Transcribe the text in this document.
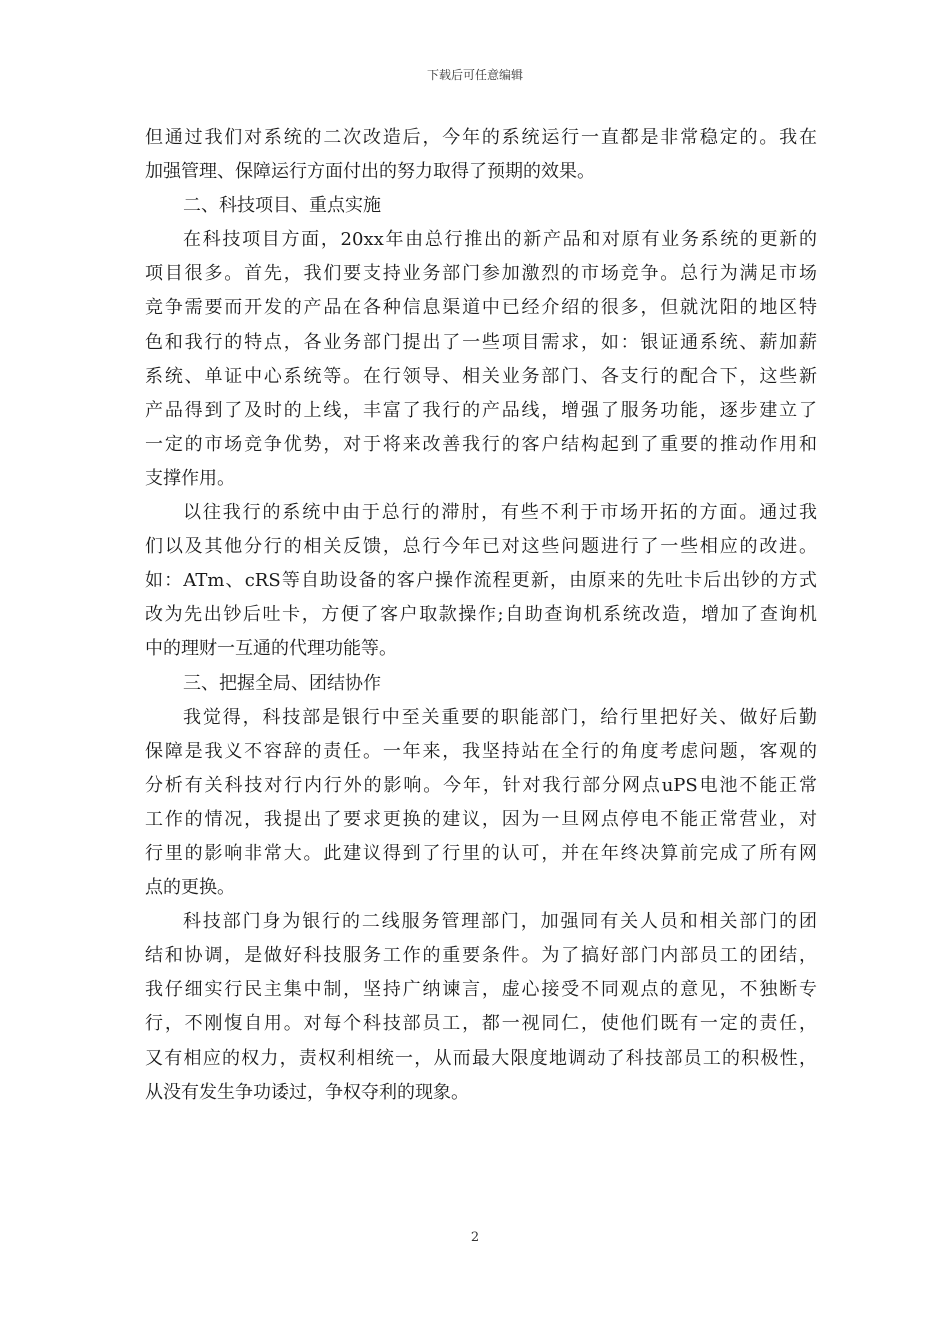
下载后可任意编辑
但通过我们对系统的二次改造后，今年的系统运行一直都是非常稳定的。我在
加强管理、保障运行方面付出的努力取得了预期的效果。
二、科技项目、重点实施
在科技项目方面，20xx年由总行推出的新产品和对原有业务系统的更新的
项目很多。首先，我们要支持业务部门参加激烈的市场竞争。总行为满足市场
竞争需要而开发的产品在各种信息渠道中已经介绍的很多，但就沈阳的地区特
色和我行的特点，各业务部门提出了一些项目需求，如：银证通系统、薪加薪
系统、单证中心系统等。在行领导、相关业务部门、各支行的配合下，这些新
产品得到了及时的上线，丰富了我行的产品线，增强了服务功能，逐步建立了
一定的市场竞争优势，对于将来改善我行的客户结构起到了重要的推动作用和
支撑作用。
以往我行的系统中由于总行的滞肘，有些不利于市场开拓的方面。通过我
们以及其他分行的相关反馈，总行今年已对这些问题进行了一些相应的改进。
如：ATm、cRS等自助设备的客户操作流程更新，由原来的先吐卡后出钞的方式
改为先出钞后吐卡，方便了客户取款操作;自助查询机系统改造，增加了查询机
中的理财一互通的代理功能等。
三、把握全局、团结协作
我觉得，科技部是银行中至关重要的职能部门，给行里把好关、做好后勤
保障是我义不容辞的责任。一年来，我坚持站在全行的角度考虑问题，客观的
分析有关科技对行内行外的影响。今年，针对我行部分网点uPS电池不能正常
工作的情况，我提出了要求更换的建议，因为一旦网点停电不能正常营业，对
行里的影响非常大。此建议得到了行里的认可，并在年终决算前完成了所有网
点的更换。
科技部门身为银行的二线服务管理部门，加强同有关人员和相关部门的团
结和协调，是做好科技服务工作的重要条件。为了搞好部门内部员工的团结，
我仔细实行民主集中制，坚持广纳谏言，虚心接受不同观点的意见，不独断专
行，不刚愎自用。对每个科技部员工，都一视同仁，使他们既有一定的责任，
又有相应的权力，责权利相统一，从而最大限度地调动了科技部员工的积极性，
从没有发生争功诿过，争权夺利的现象。
2
